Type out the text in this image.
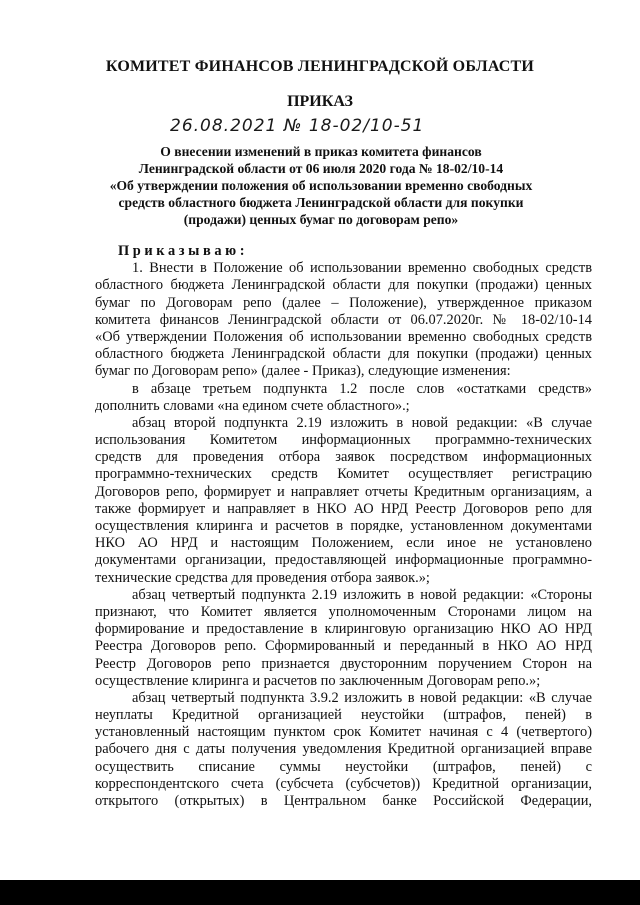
КОМИТЕТ ФИНАНСОВ ЛЕНИНГРАДСКОЙ ОБЛАСТИ
ПРИКАЗ
26.08.2021 № 18-02/10-51
О внесении изменений в приказ комитета финансов
Ленинградской области от 06 июля 2020 года № 18-02/10-14
«Об утверждении положения об использовании временно свободных
средств областного бюджета Ленинградской области для покупки
(продажи) ценных бумаг по договорам репо»
Приказываю:
1. Внести в Положение об использовании временно свободных средств
областного бюджета Ленинградской области для покупки (продажи) ценных
бумаг по Договорам репо (далее – Положение), утвержденное приказом
комитета финансов Ленинградской области от 06.07.2020г. № 18-02/10-14
«Об утверждении Положения об использовании временно свободных средств
областного бюджета Ленинградской области для покупки (продажи) ценных
бумаг по Договорам репо» (далее - Приказ), следующие изменения:
в абзаце третьем подпункта 1.2 после слов «остатками средств»
дополнить словами «на едином счете областного».;
абзац второй подпункта 2.19 изложить в новой редакции: «В случае
использования Комитетом информационных программно-технических
средств для проведения отбора заявок посредством информационных
программно-технических средств Комитет осуществляет регистрацию
Договоров репо, формирует и направляет отчеты Кредитным организациям, а
также формирует и направляет в НКО АО НРД Реестр Договоров репо для
осуществления клиринга и расчетов в порядке, установленном документами
НКО АО НРД и настоящим Положением, если иное не установлено
документами организации, предоставляющей информационные программно-
технические средства для проведения отбора заявок.»;
абзац четвертый подпункта 2.19 изложить в новой редакции: «Стороны
признают, что Комитет является уполномоченным Сторонами лицом на
формирование и предоставление в клиринговую организацию НКО АО НРД
Реестра Договоров репо. Сформированный и переданный в НКО АО НРД
Реестр Договоров репо признается двусторонним поручением Сторон на
осуществление клиринга и расчетов по заключенным Договорам репо.»;
абзац четвертый подпункта 3.9.2 изложить в новой редакции: «В случае
неуплаты Кредитной организацией неустойки (штрафов, пеней) в
установленный настоящим пунктом срок Комитет начиная с 4 (четвертого)
рабочего дня с даты получения уведомления Кредитной организацией вправе
осуществить списание суммы неустойки (штрафов, пеней) с
корреспондентского счета (субсчета (субсчетов)) Кредитной организации,
открытого (открытых) в Центральном банке Российской Федерации,
